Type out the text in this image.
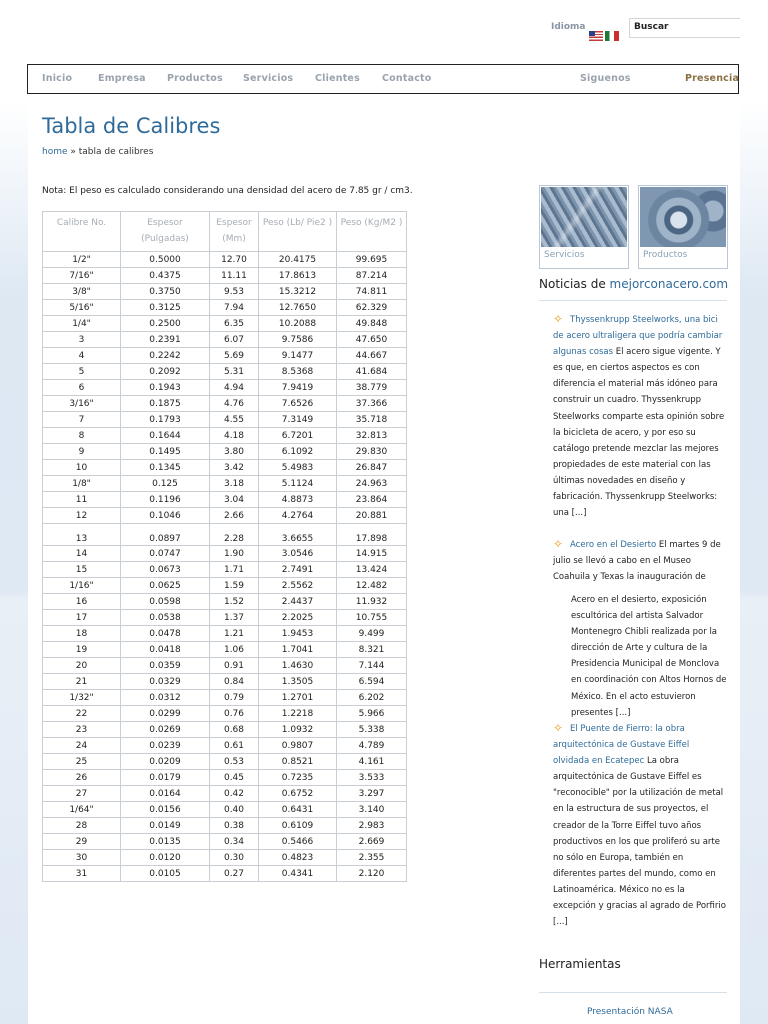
Idioma	Buscar
Inicio	Empresa Productos Servicios Clientes Contacto	Siguenos	Presencia
Tabla de Calibres
home » tabla de calibres
Nota: El peso es calculado considerando una densidad del acero de 7.85 gr / cm3.
Calibre No.	Espesor (Pulgadas)	Espesor (Mm)	Peso (Lb/ Pie2 )	Peso (Kg/M2 )
1/2"	0.5000	12.70	20.4175	99.695
7/16"	0.4375	11.11	17.8613	87.214
3/8"	0.3750	9.53	15.3212	74.811
5/16"	0.3125	7.94	12.7650	62.329
1/4"	0.2500	6.35	10.2088	49.848
3	0.2391	6.07	9.7586	47.650
4	0.2242	5.69	9.1477	44.667
5	0.2092	5.31	8.5368	41.684
6	0.1943	4.94	7.9419	38.779
3/16"	0.1875	4.76	7.6526	37.366
7	0.1793	4.55	7.3149	35.718
8	0.1644	4.18	6.7201	32.813
9	0.1495	3.80	6.1092	29.830
10	0.1345	3.42	5.4983	26.847
1/8"	0.125	3.18	5.1124	24.963
11	0.1196	3.04	4.8873	23.864
12	0.1046	2.66	4.2764	20.881
13	0.0897	2.28	3.6655	17.898
14	0.0747	1.90	3.0546	14.915
15	0.0673	1.71	2.7491	13.424
1/16"	0.0625	1.59	2.5562	12.482
16	0.0598	1.52	2.4437	11.932
17	0.0538	1.37	2.2025	10.755
18	0.0478	1.21	1.9453	9.499
19	0.0418	1.06	1.7041	8.321
20	0.0359	0.91	1.4630	7.144
21	0.0329	0.84	1.3505	6.594
1/32"	0.0312	0.79	1.2701	6.202
22	0.0299	0.76	1.2218	5.966
23	0.0269	0.68	1.0932	5.338
24	0.0239	0.61	0.9807	4.789
25	0.0209	0.53	0.8521	4.161
26	0.0179	0.45	0.7235	3.533
27	0.0164	0.42	0.6752	3.297
1/64"	0.0156	0.40	0.6431	3.140
28	0.0149	0.38	0.6109	2.983
29	0.0135	0.34	0.5466	2.669
30	0.0120	0.30	0.4823	2.355
31	0.0105	0.27	0.4341	2.120
Servicios	Productos
Noticias de mejorconacero.com
✧ Thyssenkrupp Steelworks, una bici de acero ultraligera que podría cambiar algunas cosas El acero sigue vigente. Y es que, en ciertos aspectos es con diferencia el material más idóneo para construir un cuadro. Thyssenkrupp Steelworks comparte esta opinión sobre la bicicleta de acero, y por eso su catálogo pretende mezclar las mejores propiedades de este material con las últimas novedades en diseño y fabricación. Thyssenkrupp Steelworks: una [...]
✧ Acero en el Desierto El martes 9 de julio se llevó a cabo en el Museo Coahuila y Texas la inauguración de
Acero en el desierto, exposición escultórica del artista Salvador Montenegro Chibli realizada por la dirección de Arte y cultura de la Presidencia Municipal de Monclova en coordinación con Altos Hornos de México. En el acto estuvieron presentes [...]
✧ El Puente de Fierro: la obra arquitectónica de Gustave Eiffel olvidada en Ecatepec La obra arquitectónica de Gustave Eiffel es "reconocible" por la utilización de metal en la estructura de sus proyectos, el creador de la Torre Eiffel tuvo años productivos en los que proliferó su arte no sólo en Europa, también en diferentes partes del mundo, como en Latinoamérica. México no es la excepción y gracias al agrado de Porfirio [...]
Herramientas
Presentación NASA
